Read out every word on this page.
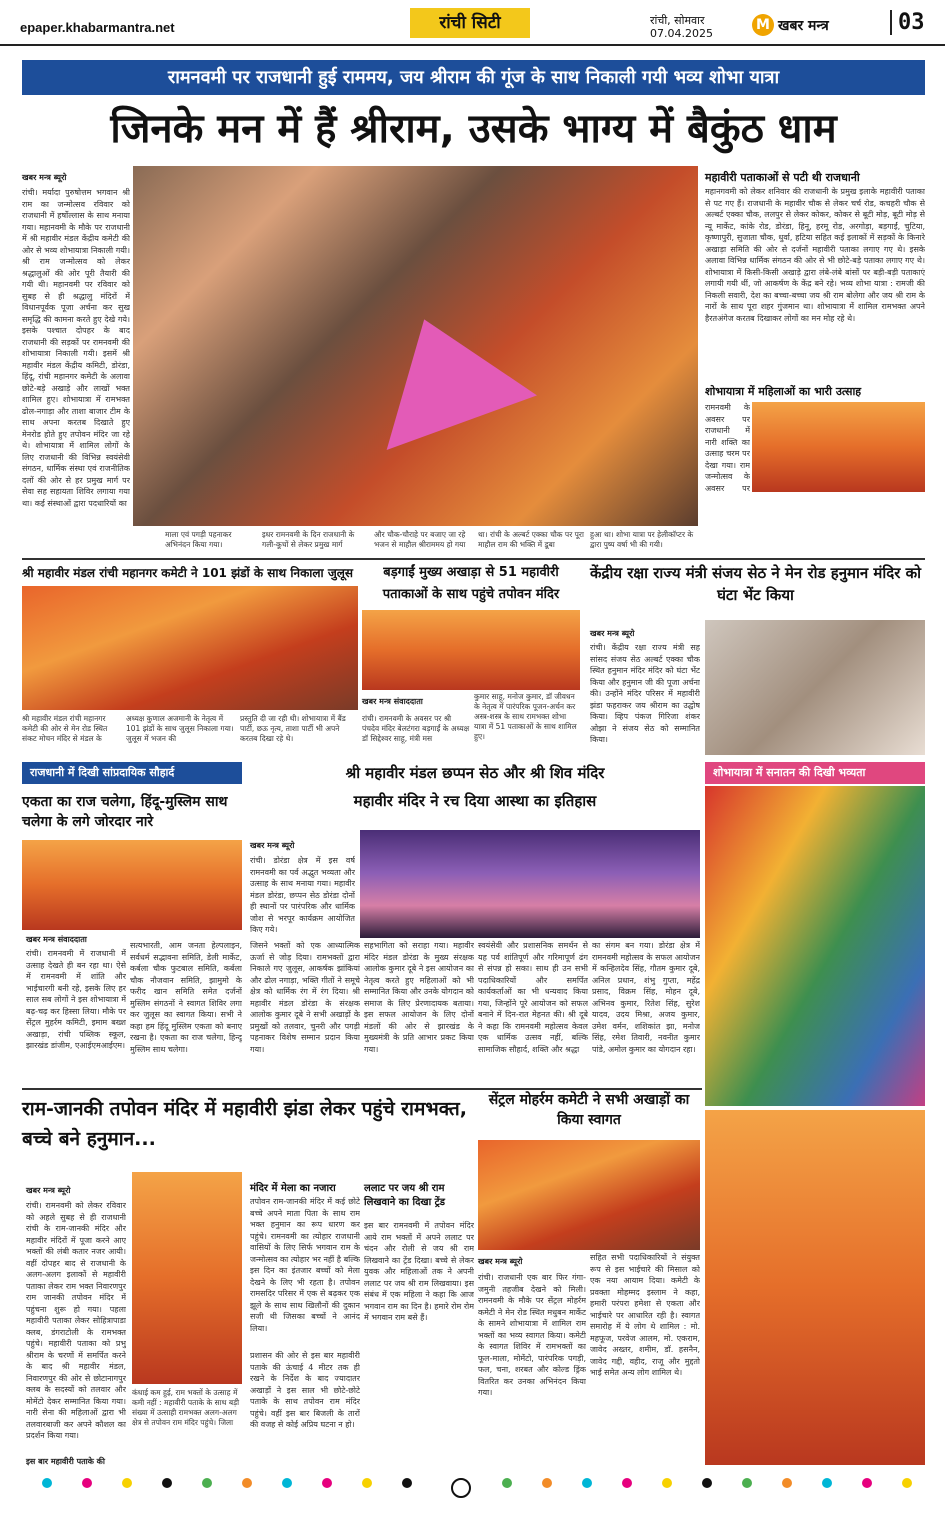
epaper.khabarmantra.net	रांची सिटी	रांची, सोमवार
07.04.2025
M खबर मन्त्र	03
रामनवमी पर राजधानी हुई राममय, जय श्रीराम की गूंज के साथ निकाली गयी भव्य शोभा यात्रा
जिनके मन में हैं श्रीराम, उसके भाग्य में बैकुंठ धाम
खबर मन्त्र ब्यूरो
रांची। मर्यादा पुरुषोत्तम भगवान श्री राम का जन्मोत्सव रविवार को राजधानी में हर्षोल्लास के साथ मनाया गया। महानवमी के मौके पर राजधानी में श्री महावीर मंडल केंद्रीय कमेटी की ओर से भव्य शोभायात्रा निकाली गयी। श्री राम जन्मोत्सव को लेकर श्रद्धालुओं की ओर पूरी तैयारी की गयी थी। महानवमी पर रविवार को सुबह से ही श्रद्धालु मंदिरों में विधानपूर्वक पूजा अर्चना कर सुख समृद्धि की कामना करते हुए देखे गये। इसके पश्चात दोपहर के बाद राजधानी की सड़कों पर रामनवमी की शोभायात्रा निकाली गयी। इसमें श्री महावीर मंडल केंद्रीय कमिटी, डोरंडा, हिंदू, रांची महानगर कमेटी के अलावा छोटे-बड़े अखाड़े और लाखों भक्त शामिल हुए। शोभायात्रा में रामभक्त ढोल-नगाड़ा और ताशा बाजार टीम के साथ अपना करतब दिखाते हुए मेनरोड होते हुए तपोवन मंदिर जा रहे थे। शोभायात्रा में शामिल लोगों के लिए राजधानी की विभिन्न स्वयंसेवी संगठन, धार्मिक संस्था एवं राजनीतिक दलों की ओर से हर प्रमुख मार्ग पर सेवा सह सहायता शिविर लगाया गया था। कई संस्थाओं द्वारा पदधारियों का
माला एवं पगड़ी पहनाकर अभिनंदन किया गया।
इधर रामनवमी के दिन राजधानी के गली-कूचों से लेकर प्रमुख मार्ग
और चौक-चौराहे पर बजाए जा रहे भजन से माहौल श्रीराममय हो गया
था। रांची के अल्बर्ट एक्का चौक पर पूरा माहौल राम की भक्ति में डूबा
हुआ था। शोभा यात्रा पर हेलीकॉप्टर के द्वारा पुष्प वर्षा भी की गयी।
महावीरी पताकाओं से पटी थी राजधानी
महानगवमी को लेकर शनिवार की राजधानी के प्रमुख इलाके महावीरी पताका से पट गए हैं। राजधानी के महावीर चौक से लेकर चर्च रोड, कचहरी चौक से अल्बर्ट एक्का चौक, ललपुर से लेकर कोकर, कोकर से बूटी मोड़, बूटी मोड़ से न्यू मार्केट, कांके रोड, डोरंडा, हिनू, हरमू रोड, अरगोड़ा, बड़गाईं, चुटिया, कृष्णापुरी, सुजाता चौक, धुर्वा, हटिया सहित कई इलाकों में सड़कों के किनारे अखाड़ा समिति की ओर से दर्जनों महावीरी पताका लगाए गए थे। इसके अलावा विभिन्न धार्मिक संगठन की ओर से भी छोटे-बड़े पताका लगाए गए थे। शोभायात्रा में किसी-किसी अखाड़े द्वारा लंबे-लंबे बांसों पर बड़ी-बड़ी पताकाएं लगायी गयी थीं, जो आकर्षण के केंद्र बने रहे। भव्य शोभा यात्रा : रामजी की निकली सवारी, देश का बच्चा-बच्चा जय श्री राम बोलेगा और जय श्री राम के नारों के साथ पूरा शहर गुंजमान था। शोभायात्रा में शामिल रामभक्त अपने हैरतअंगेज करतब दिखाकर लोगों का मन मोह रहे थे।
शोभायात्रा में महिलाओं का भारी उत्साह
रामनवमी के अवसर पर राजधानी में नारी शक्ति का उत्साह चरम पर देखा गया। राम जन्मोत्सव के अवसर पर
श्री महावीर मंडल रांची महानगर कमेटी ने 101 झंडों के साथ निकाला जुलूस
श्री महावीर मंडल रांची महानगर कमेटी की ओर से मेन रोड स्थित संकट मोचन मंदिर से मंडल के
अध्यक्ष कुणाल अजमानी के नेतृत्व में 101 झंडों के साथ जुलूस निकाला गया। जुलूस में भजन की
प्रस्तुति दी जा रही थी। शोभायात्रा में बैंड पार्टी, छऊ नृत्य, ताशा पार्टी भी अपने करतब दिखा रहे थे।
बड़गाईं मुख्य अखाड़ा से 51 महावीरी पताकाओं के साथ पहुंचे तपोवन मंदिर
खबर मन्त्र संवाददाता
रांची। रामनवमी के अवसर पर श्री पंचदेव मंदिर बेलटंगरा बड़गाईं के अध्यक्ष डॉ सिद्देश्वर साहू, मंत्री मस
कुमार साहू, मनोज कुमार, डॉ जीवधन के नेतृत्व में पारंपरिक पूजन-अर्चन कर अस्त्र-शस्त्र के साथ रामभक्त शोभा यात्रा में 51 पताकाओं के साथ शामिल हुए।
केंद्रीय रक्षा राज्य मंत्री संजय सेठ ने मेन रोड हनुमान मंदिर को घंटा भेंट किया
खबर मन्त्र ब्यूरो
रांची। केंद्रीय रक्षा राज्य मंत्री सह सांसद संजय सेठ अल्बर्ट एक्का चौक स्थित हनुमान मंदिर मंदिर को घंटा भेंट किया और हनुमान जी की पूजा अर्चना की। उन्होंने मंदिर परिसर में महावीरी झंडा फहराकर जय श्रीराम का उद्घोष किया। व्हिप पंकज गिरिजा शंकर ओझा ने संजय सेठ को सम्मानित किया।
राजधानी में दिखी सांप्रदायिक सौहार्द
एकता का राज चलेगा, हिंदू-मुस्लिम साथ चलेगा के लगे जोरदार नारे
खबर मन्त्र संवाददाता
रांची। रामनवमी में राजधानी में उत्साह देखते ही बन रहा था। ऐसे में रामनवमी में शांति और भाईचारगी बनी रहे, इसके लिए हर साल सब लोगों ने इस शोभायात्रा में बढ़-चढ़ कर हिस्सा लिया। मौके पर सेंट्रल मुहर्रम कमिटी, इमाम बख्श अखाड़ा, रांची पब्लिक स्कूल, झारखंड डांजीम, एआईएमआईएम।
सत्यभारती, आम जनता हेल्पलाइन, सर्वधर्म सद्भावना समिति, डेली मार्केट, कर्बला चौक फुटबाल समिति, कर्बला चौक नौजवान समिति, झामुमो के फरीद खान समिति समेत दर्जनों मुस्लिम संगठनों ने स्वागत शिविर लगा कर जुलूस का स्वागत किया। सभी ने कहा हम हिंदू मुस्लिम एकता को बनाए रखना है। एकता का राज चलेगा, हिन्दू मुस्लिम साथ चलेगा।
श्री महावीर मंडल छप्पन सेठ और श्री शिव मंदिर
महावीर मंदिर ने रच दिया आस्था का इतिहास
खबर मन्त्र ब्यूरो
रांची। डोरंडा क्षेत्र में इस वर्ष रामनवमी का पर्व अद्भुत भव्यता और उत्साह के साथ मनाया गया। महावीर मंडल डोरंडा, छप्पन सेठ डोरंडा दोनों ही स्थानों पर पारंपरिक और धार्मिक जोश से भरपूर कार्यक्रम आयोजित किए गये।
जिसने भक्तों को एक आध्यात्मिक ऊर्जा से जोड़ दिया। रामभक्तों द्वारा निकाले गए जुलूस, आकर्षक झांकियां और ढोल नगाड़ा, भक्ति गीतों ने समूचे क्षेत्र को धार्मिक रंग में रंग दिया। श्री महावीर मंडल डोरंडा के संरक्षक आलोक कुमार दूबे ने सभी अखाड़ों के प्रमुखों को तलवार, चुनरी और पगड़ी पहनाकर विशेष सम्मान प्रदान किया गया।
सहभागिता को सराहा गया। महावीर मंदिर मंडल डोरंडा के मुख्य संरक्षक आलोक कुमार दूबे ने इस आयोजन का नेतृत्व करते हुए महिलाओं को भी सम्मानित किया और उनके योगदान को समाज के लिए प्रेरणादायक बताया। इस सफल आयोजन के लिए दोनों मंडलों की ओर से झारखंड के मुख्यमंत्री के प्रति आभार प्रकट किया गया।
स्वयंसेवी और प्रशासनिक समर्थन से यह पर्व शांतिपूर्ण और गरिमापूर्ण ढंग से संपन्न हो सका। साथ ही उन सभी पदाधिकारियों और समर्पित कार्यकर्ताओं का भी धन्यवाद किया गया, जिन्होंने पूरे आयोजन को सफल बनाने में दिन-रात मेहनत की। श्री दूबे ने कहा कि रामनवमी महोत्सव केवल एक धार्मिक उत्सव नहीं, बल्कि सामाजिक सौहार्द, शक्ति और श्रद्धा
का संगम बन गया। डोरंडा क्षेत्र में रामनवमी महोत्सव के सफल आयोजन में कन्हिलदेव सिंह, गौतम कुमार दूबे, अनिल प्रधान, शंभु गुप्ता, महेंद्र प्रसाद, विक्रम सिंह, मोहन दूबे, अभिनव कुमार, रितेश सिंह, सुरेश यादव, उदय मिश्रा, अजय कुमार, उमेश वर्मन, शशिकांत झा, मनोज सिंह, रमेश तिवारी, नवनीत कुमार पांडे, अमोल कुमार का योगदान रहा।
शोभायात्रा में सनातन की दिखी भव्यता
राम-जानकी तपोवन मंदिर में महावीरी झंडा लेकर पहुंचे रामभक्त, बच्चे बने हनुमान...
खबर मन्त्र ब्यूरो
रांची। रामनवमी को लेकर रविवार को अहले सुबह से ही राजधानी रांची के राम-जानकी मंदिर और महावीर मंदिरों में पूजा करने आए भक्तों की लंबी कतार नजर आयी। वहीं दोपहर बाद से राजधानी के अलग-अलग इलाकों से महावीरी पताका लेकर राम भक्त निवारणपुर राम जानकी तपोवन मंदिर में पहुंचना शुरू हो गया। पहला महावीरी पताका लेकर सोहित्रापाडा क्लब, डंगराटोली के रामभक्त पहुंचे। महावीरी पताका को प्रभु श्रीराम के चरणों में समर्पित करने के बाद श्री महावीर मंडल, निवारणपुर की ओर से छोटानागपुर क्लब के सदस्यों को तलवार और मोमेंटो देकर सम्मानित किया गया। नारी सेना की महिलाओं द्वारा भी तलवारबाजी कर अपने कौशल का प्रदर्शन किया गया।
इस बार महावीरी पताके की
कंधाई कम हुई, राम भक्तों के उत्साह में कमी नहीं : महावीरी पताके के साथ बड़ी संख्या में उत्साही रामभक्त अलग-अलग क्षेत्र से तपोवन राम मंदिर पहुंचे। जिला
मंदिर में मेला का नजारा
तपोवन राम-जानकी मंदिर में कई छोटे बच्चे अपने माता पिता के साथ राम भक्त हनुमान का रूप धारण कर पहुंचे। रामनवमी का त्योहार राजधानी वासियों के लिए सिर्फ भगवान राम के जन्मोत्सव का त्योहार भर नहीं है बल्कि इस दिन का इंतजार बच्चों को मेला देखने के लिए भी रहता है। तपोवन रामसदिर परिसर में एक से बढ़कर एक झूले के साथ साथ खिलौनों की दुकान सजी थी जिसका बच्चों ने आनंद लिया।
प्रशासन की ओर से इस बार महावीरी पताके की ऊंचाई 4 मीटर तक ही रखने के निर्देश के बाद ज्यादातर अखाड़ों ने इस साल भी छोटे-छोटे पताके के साथ तपोवन राम मंदिर पहुंचे। वहीं इस बार बिजली के तारों की वजह से कोई अप्रिय घटना न हो।
ललाट पर जय श्री राम लिखवाने का दिखा ट्रेंड
इस बार रामनवमी में तपोवन मंदिर आये राम भक्तों में अपने ललाट पर चंदन और रोली से जय श्री राम लिखवाने का ट्रेंड दिखा। बच्चे से लेकर युवक और महिलाओं तक ने अपनी ललाट पर जय श्री राम लिखवाया। इस संबंध में एक महिला ने कहा कि आज भगवान राम का दिन है। हमारे रोम रोम में भगवान राम बसे हैं।
सेंट्रल मोहर्रम कमेटी ने सभी अखाड़ों का किया स्वागत
खबर मन्त्र ब्यूरो
रांची। राजधानी एक बार फिर गंगा-जमुनी तहजीब देखने को मिली। रामनवमी के मौके पर सेंट्रल मोहर्रम कमेटी ने मेन रोड स्थित मधुबन मार्केट के सामने शोभायात्रा में शामिल राम भक्तों का भव्य स्वागत किया। कमेटी के स्वागत शिविर में रामभक्तों का फूल-माला, मोमेंटो, पारंपरिक पगड़ी, फल, चना, शरबत और कोल्ड ड्रिंक वितरित कर उनका अभिनंदन किया गया।
सहित सभी पदाधिकारियों ने संयुक्त रूप से इस भाईचारे की मिसाल को एक नया आयाम दिया। कमेटी के प्रवक्ता मोहम्मद इस्लाम ने कहा, हमारी परंपरा हमेशा से एकता और भाईचारे पर आधारित रही है। स्वागत समारोह में ये लोग थे शामिल : मो. महफूज, परवेज आलम, मो. एकराम, जावेद अख्तर, शमीम, डॉ. हसनैन, जावेद गद्दी, वहीद, राजू और मुद्दतो भाई समेत अन्य लोग शामिल थे।
